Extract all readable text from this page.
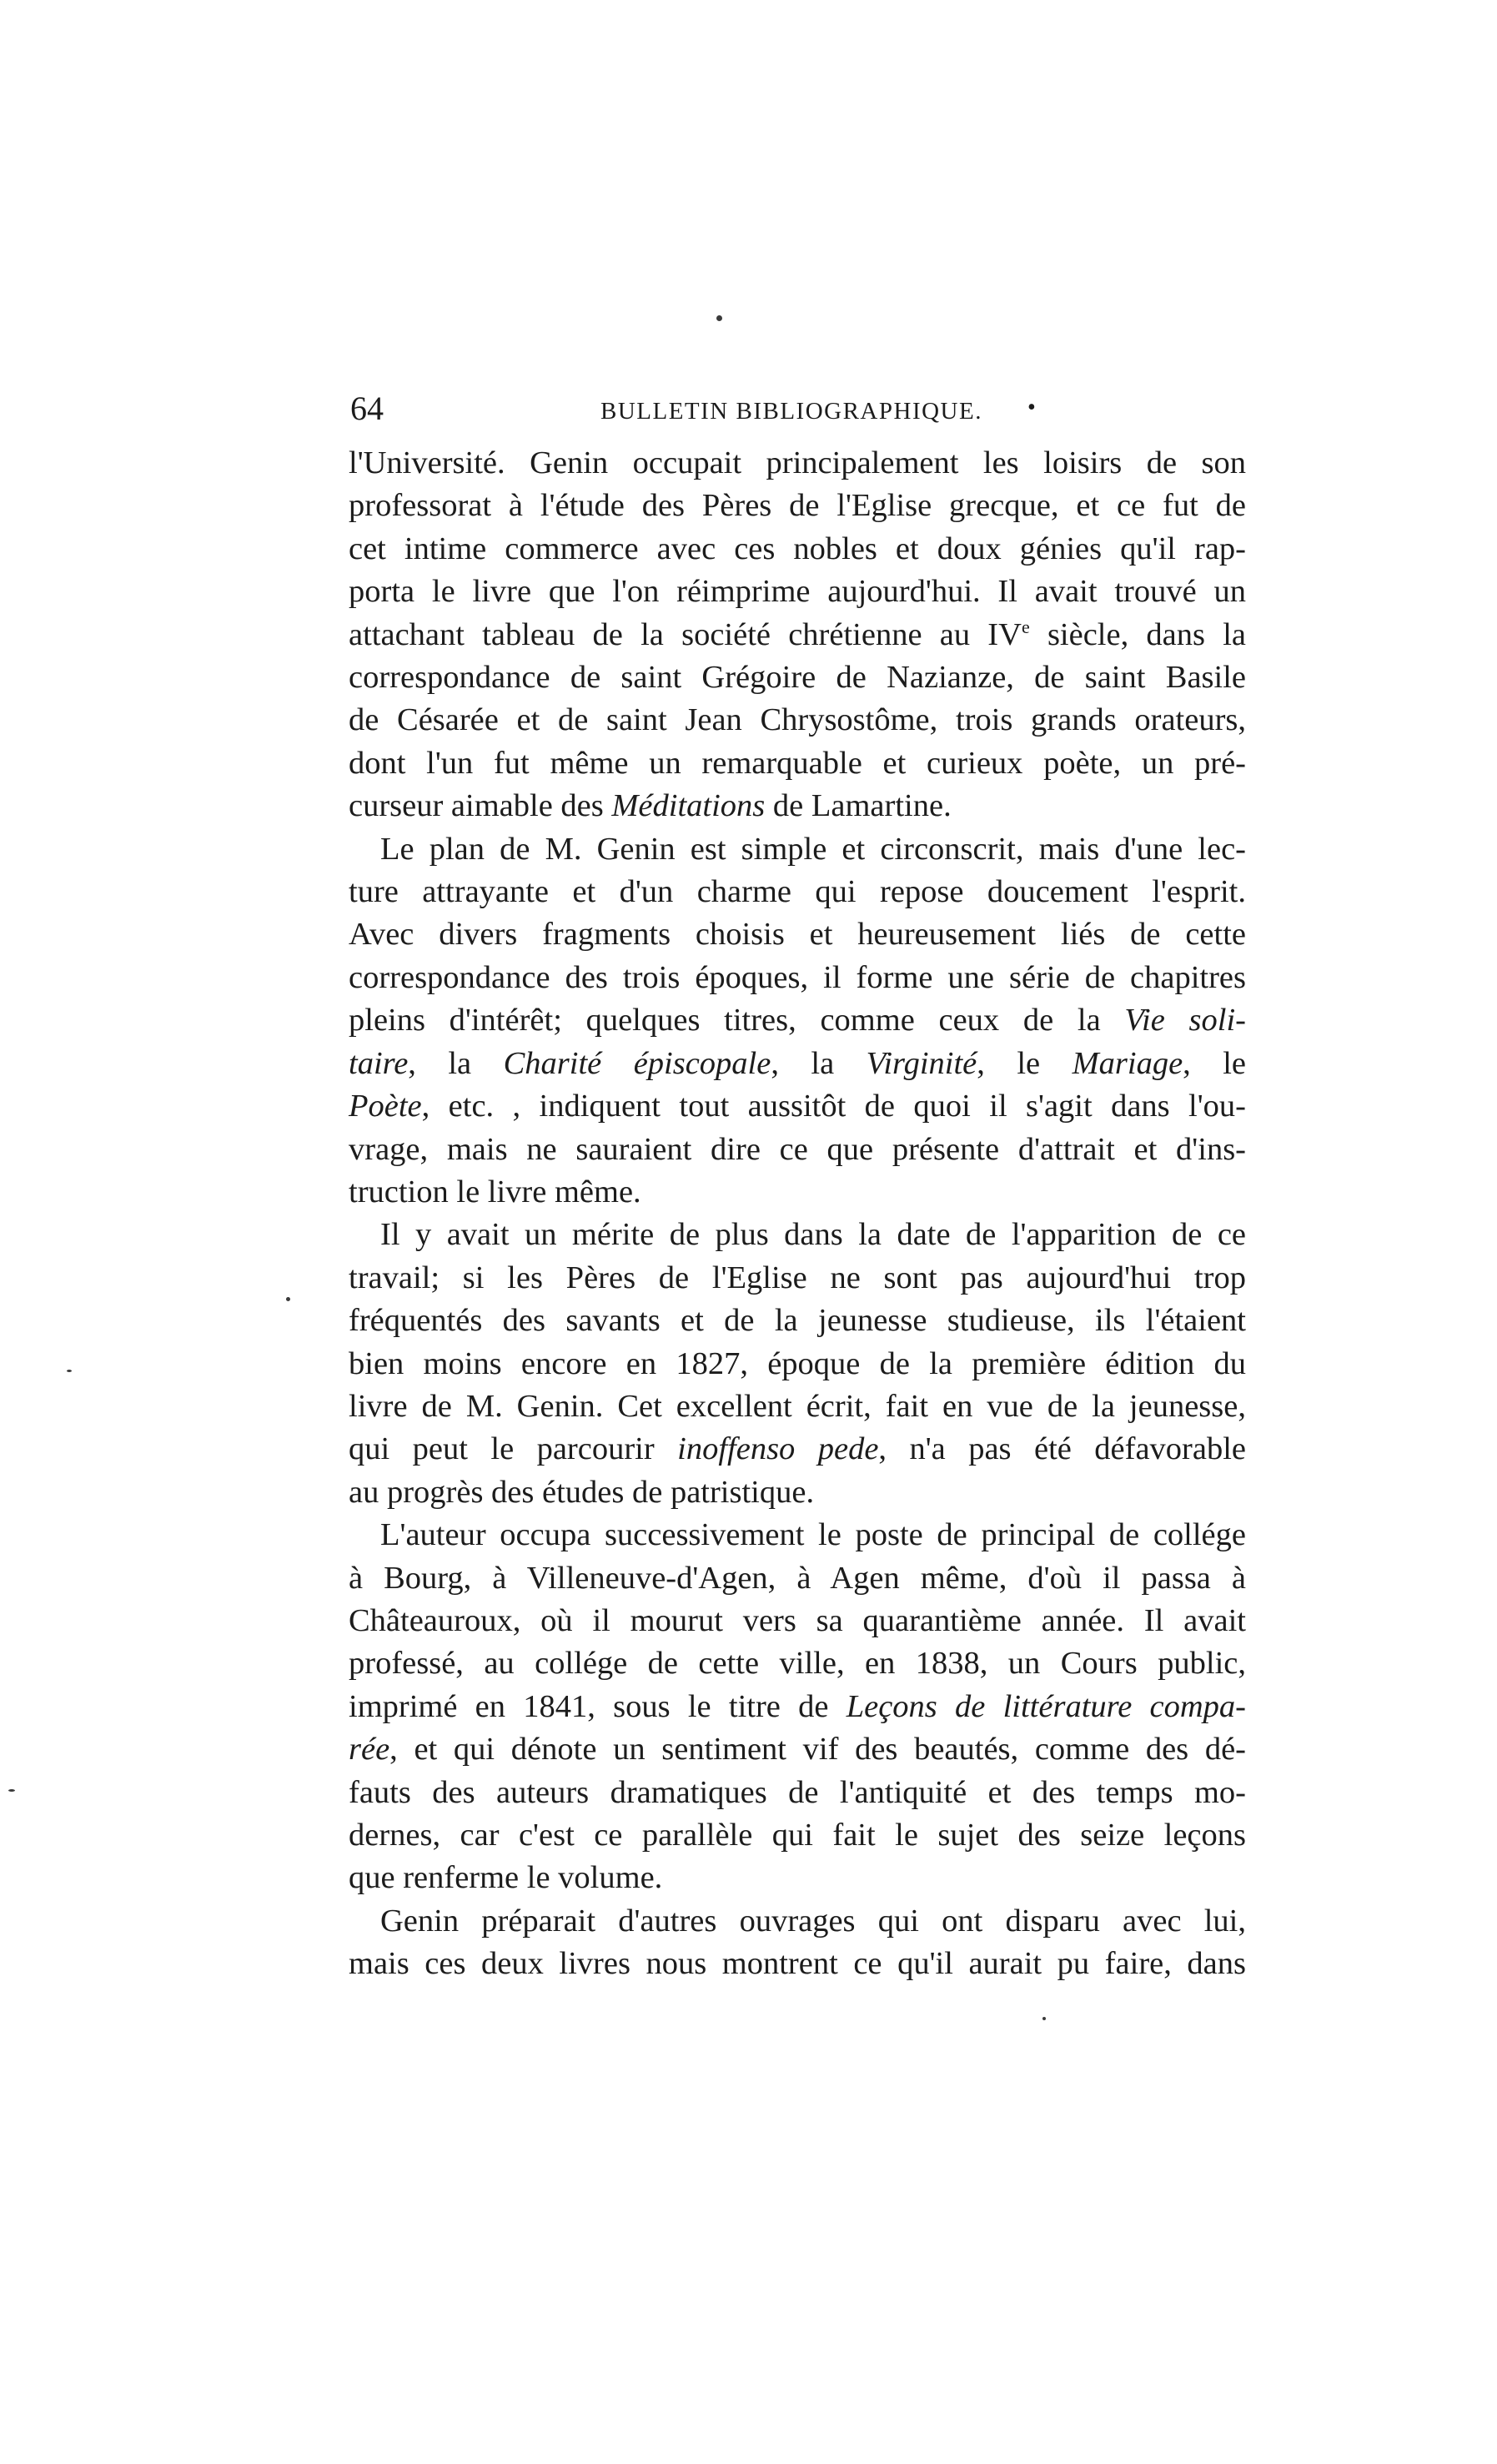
64	BULLETIN BIBLIOGRAPHIQUE. •
l'Université. Genin occupait principalement les loisirs de son
professorat à l'étude des Pères de l'Eglise grecque, et ce fut de
cet intime commerce avec ces nobles et doux génies qu'il rap-
porta le livre que l'on réimprime aujourd'hui. Il avait trouvé un
attachant tableau de la société chrétienne au IVe siècle, dans la
correspondance de saint Grégoire de Nazianze, de saint Basile
de Césarée et de saint Jean Chrysostôme, trois grands orateurs,
dont l'un fut même un remarquable et curieux poète, un pré-
curseur aimable des Méditations de Lamartine.
Le plan de M. Genin est simple et circonscrit, mais d'une lec-
ture attrayante et d'un charme qui repose doucement l'esprit.
Avec divers fragments choisis et heureusement liés de cette
correspondance des trois époques, il forme une série de chapitres
pleins d'intérêt; quelques titres, comme ceux de la Vie soli-
taire, la Charité épiscopale, la Virginité, le Mariage, le
Poète, etc. , indiquent tout aussitôt de quoi il s'agit dans l'ou-
vrage, mais ne sauraient dire ce que présente d'attrait et d'ins-
truction le livre même.
Il y avait un mérite de plus dans la date de l'apparition de ce
travail; si les Pères de l'Eglise ne sont pas aujourd'hui trop
fréquentés des savants et de la jeunesse studieuse, ils l'étaient
bien moins encore en 1827, époque de la première édition du
livre de M. Genin. Cet excellent écrit, fait en vue de la jeunesse,
qui peut le parcourir inoffenso pede, n'a pas été défavorable
au progrès des études de patristique.
L'auteur occupa successivement le poste de principal de collége
à Bourg, à Villeneuve-d'Agen, à Agen même, d'où il passa à
Châteauroux, où il mourut vers sa quarantième année. Il avait
professé, au collége de cette ville, en 1838, un Cours public,
imprimé en 1841, sous le titre de Leçons de littérature compa-
rée, et qui dénote un sentiment vif des beautés, comme des dé-
fauts des auteurs dramatiques de l'antiquité et des temps mo-
dernes, car c'est ce parallèle qui fait le sujet des seize leçons
que renferme le volume.
Genin préparait d'autres ouvrages qui ont disparu avec lui,
mais ces deux livres nous montrent ce qu'il aurait pu faire, dans
